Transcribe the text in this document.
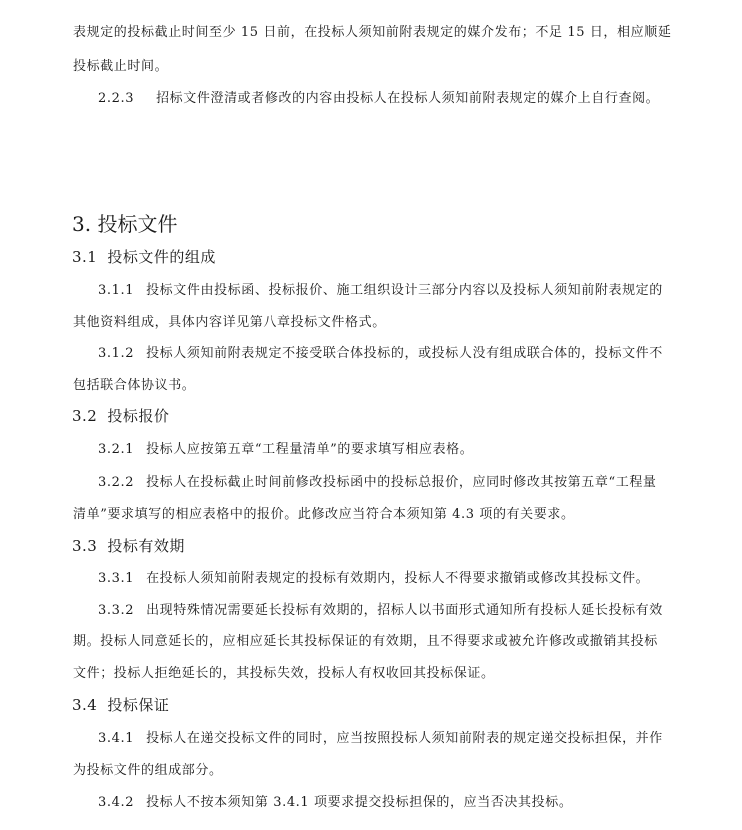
表规定的投标截止时间至少 15 日前，在投标人须知前附表规定的媒介发布；不足 15 日，相应顺延
投标截止时间。
2.2.3 招标文件澄清或者修改的内容由投标人在投标人须知前附表规定的媒介上自行查阅。
3. 投标文件
3.1 投标文件的组成
3.1.1 投标文件由投标函、投标报价、施工组织设计三部分内容以及投标人须知前附表规定的
其他资料组成，具体内容详见第八章投标文件格式。
3.1.2 投标人须知前附表规定不接受联合体投标的，或投标人没有组成联合体的，投标文件不
包括联合体协议书。
3.2 投标报价
3.2.1 投标人应按第五章“工程量清单”的要求填写相应表格。
3.2.2 投标人在投标截止时间前修改投标函中的投标总报价，应同时修改其按第五章“工程量
清单”要求填写的相应表格中的报价。此修改应当符合本须知第 4.3 项的有关要求。
3.3 投标有效期
3.3.1 在投标人须知前附表规定的投标有效期内，投标人不得要求撤销或修改其投标文件。
3.3.2 出现特殊情况需要延长投标有效期的，招标人以书面形式通知所有投标人延长投标有效
期。投标人同意延长的，应相应延长其投标保证的有效期，且不得要求或被允许修改或撤销其投标
文件；投标人拒绝延长的，其投标失效，投标人有权收回其投标保证。
3.4 投标保证
3.4.1 投标人在递交投标文件的同时，应当按照投标人须知前附表的规定递交投标担保，并作
为投标文件的组成部分。
3.4.2 投标人不按本须知第 3.4.1 项要求提交投标担保的，应当否决其投标。
